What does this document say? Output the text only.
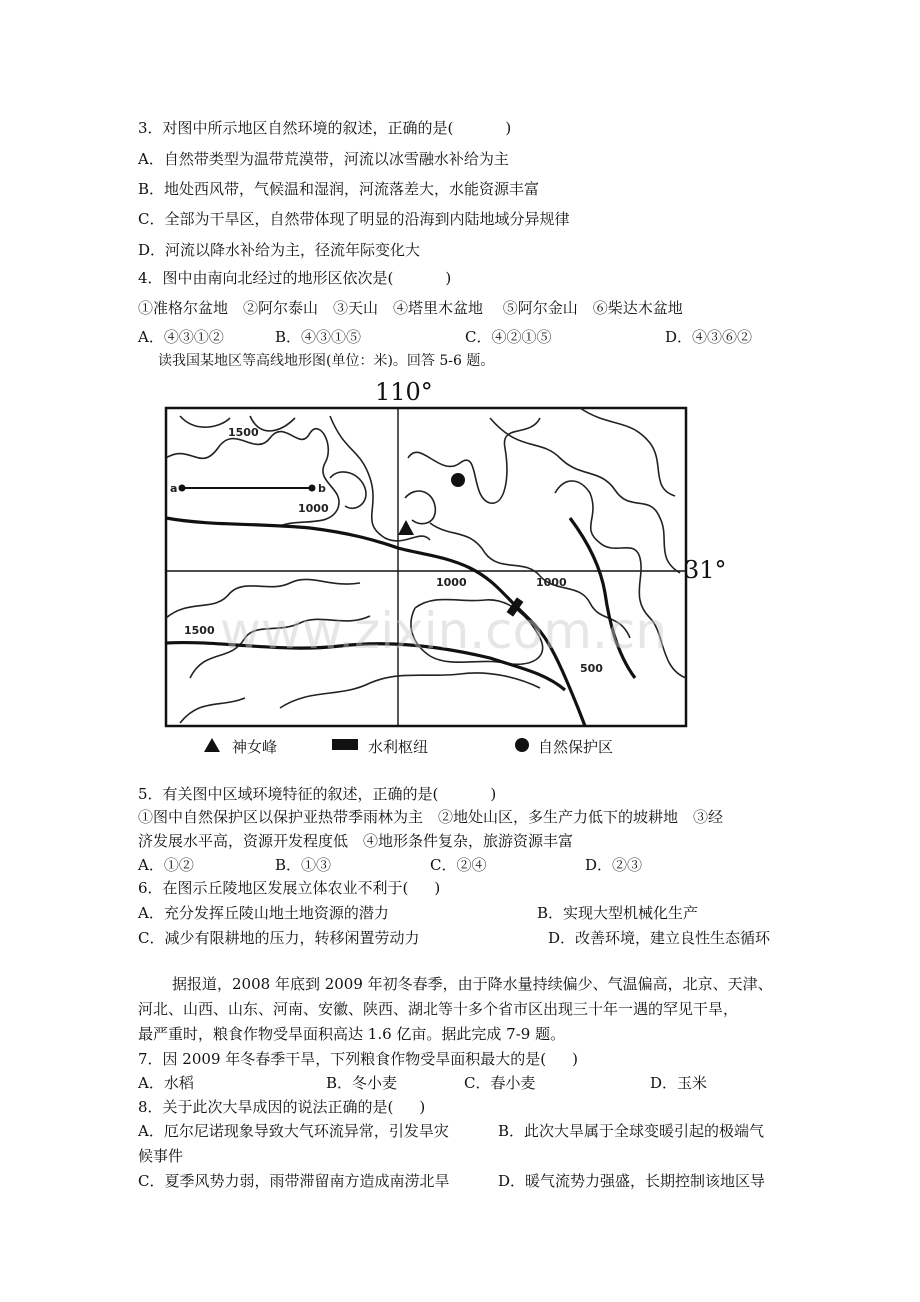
3．对图中所示地区自然环境的叙述，正确的是(	)
A．自然带类型为温带荒漠带，河流以冰雪融水补给为主
B．地处西风带，气候温和湿润，河流落差大，水能资源丰富
C．全部为干旱区，自然带体现了明显的沿海到内陆地域分异规律
D．河流以降水补给为主，径流年际变化大
4．图中由南向北经过的地形区依次是(	)
①准格尔盆地　②阿尔泰山　③天山　④塔里木盆地　 ⑤阿尔金山　⑥柴达木盆地
A．④③①②	B．④③①⑤	C．④②①⑤	D．④③⑥②
读我国某地区等高线地形图(单位：米)。回答 5-6 题。
110°
31°
a	b
1500
1000
1000	1000
1500
500
www.zixin.com.cn
神女峰	水利枢纽	自然保护区
5．有关图中区域环境特征的叙述，正确的是(	)
①图中自然保护区以保护亚热带季雨林为主　②地处山区，多生产力低下的坡耕地　③经
济发展水平高，资源开发程度低　④地形条件复杂，旅游资源丰富
A．①②	B．①③	C．②④	D．②③
6．在图示丘陵地区发展立体农业不利于( )
A．充分发挥丘陵山地土地资源的潜力	B．实现大型机械化生产
C．减少有限耕地的压力，转移闲置劳动力	D．改善环境，建立良性生态循环
据报道，2008 年底到 2009 年初冬春季，由于降水量持续偏少、气温偏高，北京、天津、
河北、山西、山东、河南、安徽、陕西、湖北等十多个省市区出现三十年一遇的罕见干旱，
最严重时，粮食作物受旱面积高达 1.6 亿亩。据此完成 7-9 题。
7．因 2009 年冬春季干旱，下列粮食作物受旱面积最大的是( )
A．水稻	B．冬小麦	C．春小麦	D．玉米
8．关于此次大旱成因的说法正确的是( )
A．厄尔尼诺现象导致大气环流异常，引发旱灾	B．此次大旱属于全球变暖引起的极端气
候事件
C．夏季风势力弱，雨带滞留南方造成南涝北旱	D．暖气流势力强盛，长期控制该地区导
